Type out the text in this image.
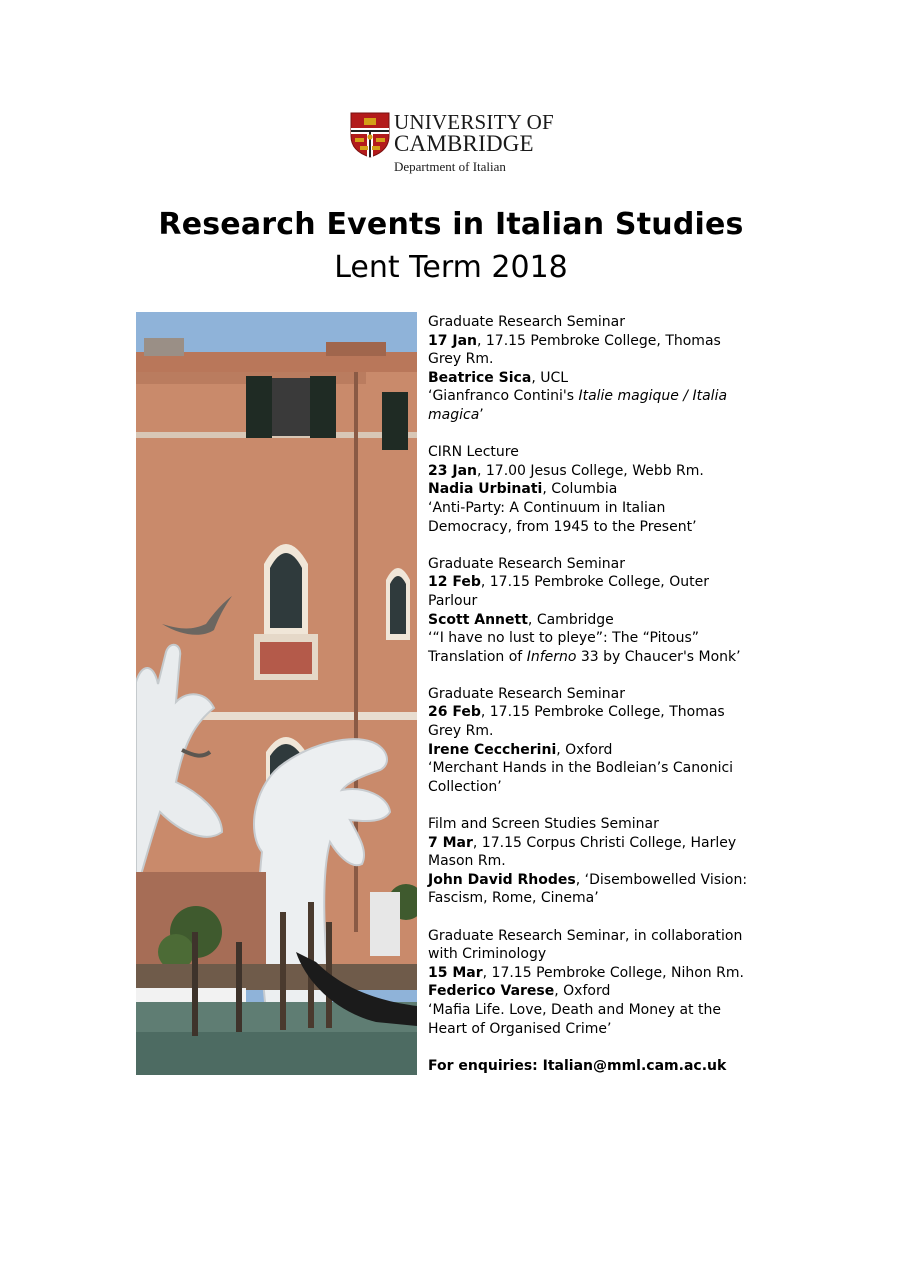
UNIVERSITY OF
CAMBRIDGE
Department of Italian
Research Events in Italian Studies
Lent Term 2018
Graduate Research Seminar
17 Jan, 17.15 Pembroke College, Thomas
Grey Rm.
Beatrice Sica, UCL
‘Gianfranco Contini's Italie magique / Italia
magica’
CIRN Lecture
23 Jan, 17.00 Jesus College, Webb Rm.
Nadia Urbinati, Columbia
‘Anti-Party: A Continuum in Italian
Democracy, from 1945 to the Present’
Graduate Research Seminar
12 Feb, 17.15 Pembroke College, Outer
Parlour
Scott Annett, Cambridge
‘“I have no lust to pleye”: The “Pitous”
Translation of Inferno 33 by Chaucer's Monk’
Graduate Research Seminar
26 Feb, 17.15 Pembroke College, Thomas
Grey Rm.
Irene Ceccherini, Oxford
‘Merchant Hands in the Bodleian’s Canonici
Collection’
Film and Screen Studies Seminar
7 Mar, 17.15 Corpus Christi College, Harley
Mason Rm.
John David Rhodes, ‘Disembowelled Vision:
Fascism, Rome, Cinema’
Graduate Research Seminar, in collaboration
with Criminology
15 Mar, 17.15 Pembroke College, Nihon Rm.
Federico Varese, Oxford
‘Mafia Life. Love, Death and Money at the
Heart of Organised Crime’
For enquiries: Italian@mml.cam.ac.uk
